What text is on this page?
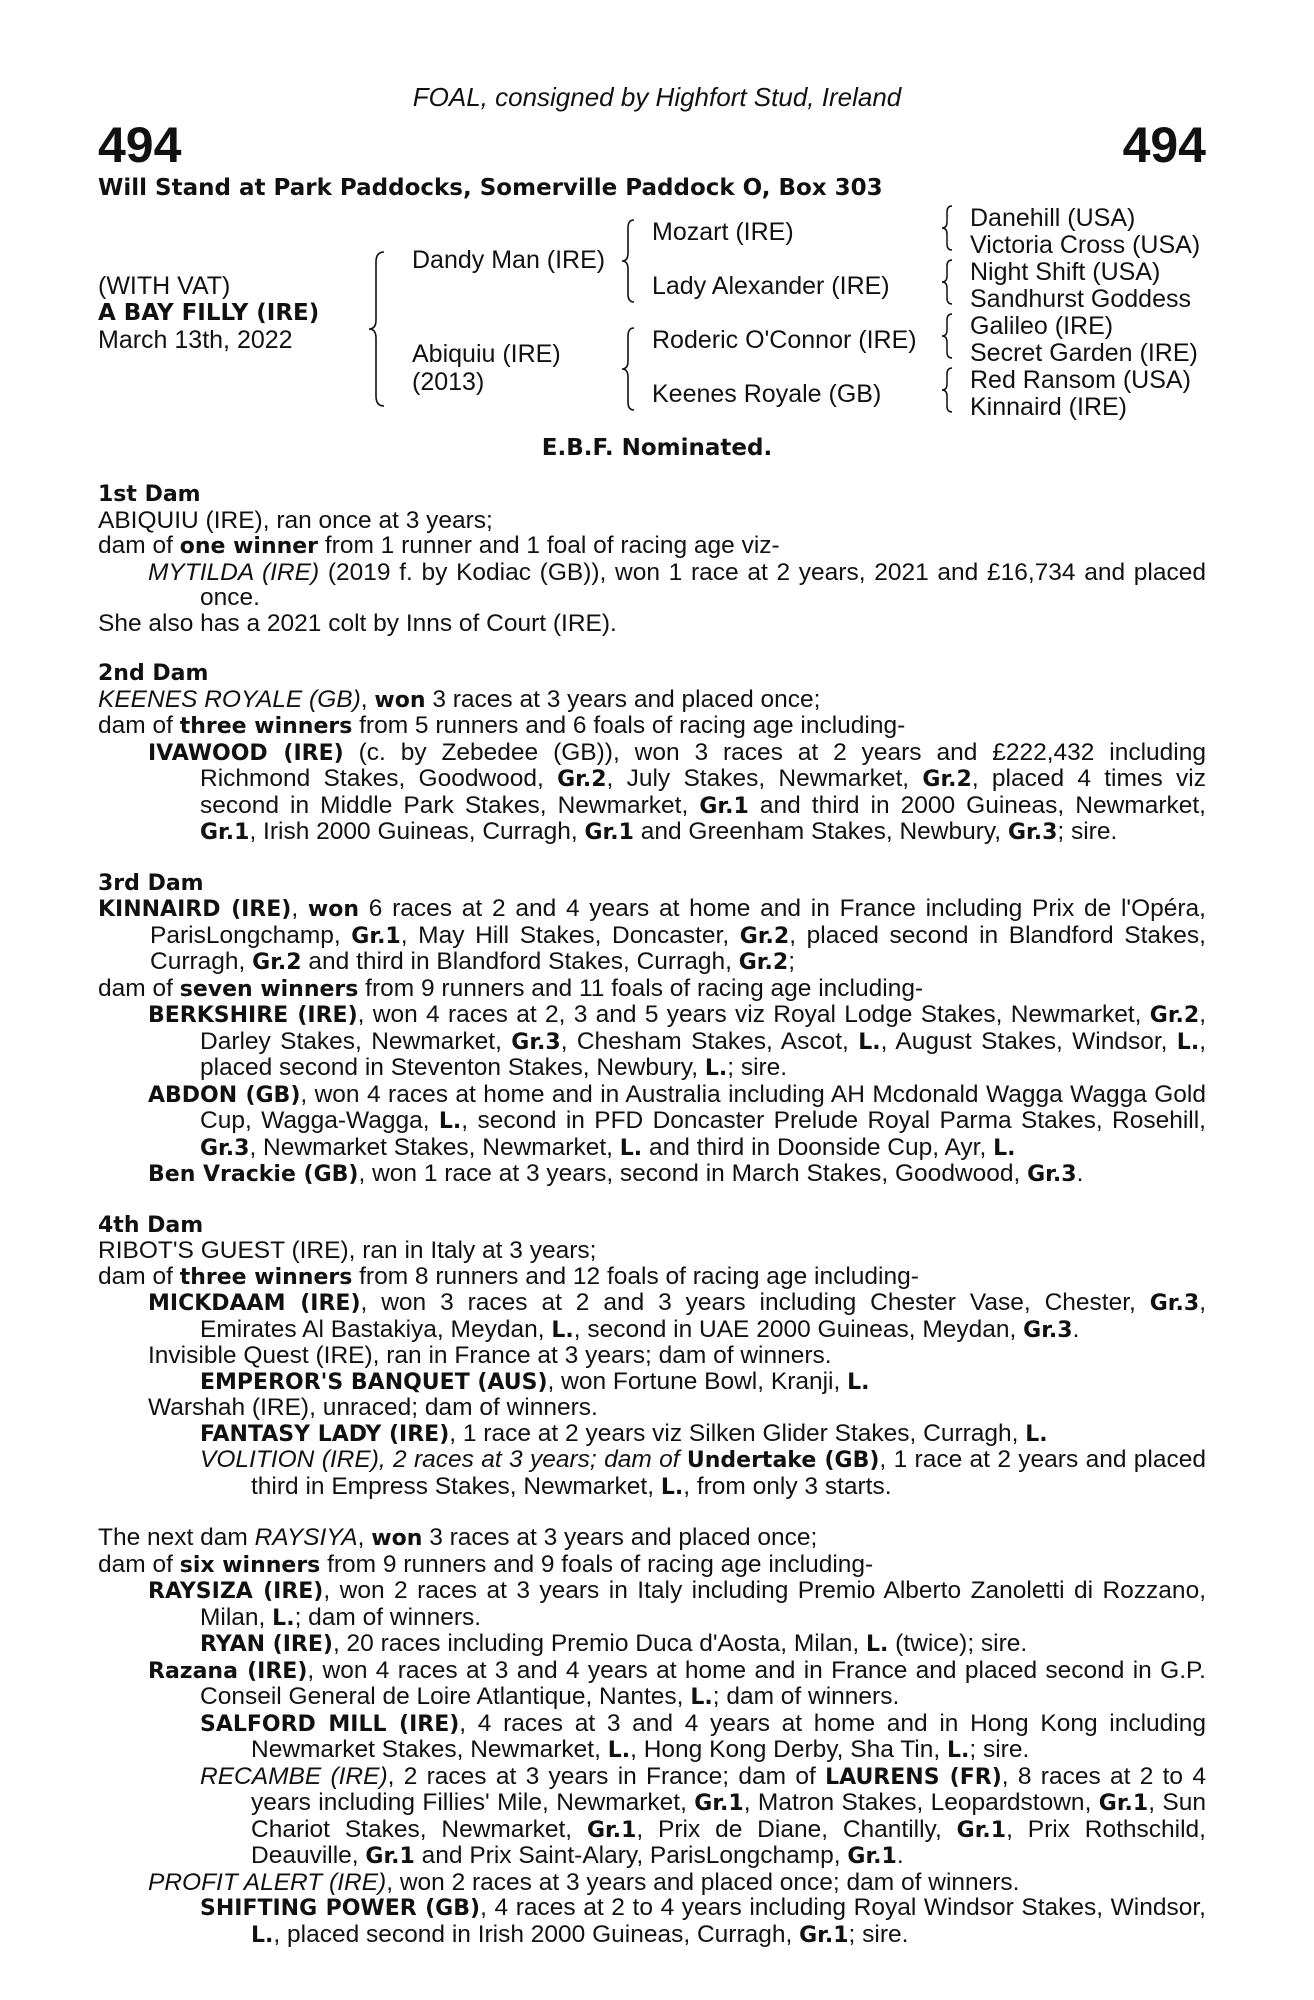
FOAL, consigned by Highfort Stud, Ireland
494	494
Will Stand at Park Paddocks, Somerville Paddock O, Box 303
(WITH VAT)
A BAY FILLY (IRE)
March 13th, 2022
Dandy Man (IRE)
Abiquiu (IRE)
(2013)
Mozart (IRE)
Lady Alexander (IRE)
Roderic O'Connor (IRE)
Keenes Royale (GB)
Danehill (USA)
Victoria Cross (USA)
Night Shift (USA)
Sandhurst Goddess
Galileo (IRE)
Secret Garden (IRE)
Red Ransom (USA)
Kinnaird (IRE)
E.B.F. Nominated.
1st Dam
ABIQUIU (IRE), ran once at 3 years;
dam of one winner from 1 runner and 1 foal of racing age viz-
MYTILDA (IRE) (2019 f. by Kodiac (GB)), won 1 race at 2 years, 2021 and £16,734 and placed once.
She also has a 2021 colt by Inns of Court (IRE).
2nd Dam
KEENES ROYALE (GB), won 3 races at 3 years and placed once;
dam of three winners from 5 runners and 6 foals of racing age including-
IVAWOOD (IRE) (c. by Zebedee (GB)), won 3 races at 2 years and £222,432 including Richmond Stakes, Goodwood, Gr.2, July Stakes, Newmarket, Gr.2, placed 4 times viz second in Middle Park Stakes, Newmarket, Gr.1 and third in 2000 Guineas, Newmarket, Gr.1, Irish 2000 Guineas, Curragh, Gr.1 and Greenham Stakes, Newbury, Gr.3; sire.
3rd Dam
KINNAIRD (IRE), won 6 races at 2 and 4 years at home and in France including Prix de l'Opéra, ParisLongchamp, Gr.1, May Hill Stakes, Doncaster, Gr.2, placed second in Blandford Stakes, Curragh, Gr.2 and third in Blandford Stakes, Curragh, Gr.2;
dam of seven winners from 9 runners and 11 foals of racing age including-
BERKSHIRE (IRE), won 4 races at 2, 3 and 5 years viz Royal Lodge Stakes, Newmarket, Gr.2, Darley Stakes, Newmarket, Gr.3, Chesham Stakes, Ascot, L., August Stakes, Windsor, L., placed second in Steventon Stakes, Newbury, L.; sire.
ABDON (GB), won 4 races at home and in Australia including AH Mcdonald Wagga Wagga Gold Cup, Wagga-Wagga, L., second in PFD Doncaster Prelude Royal Parma Stakes, Rosehill, Gr.3, Newmarket Stakes, Newmarket, L. and third in Doonside Cup, Ayr, L.
Ben Vrackie (GB), won 1 race at 3 years, second in March Stakes, Goodwood, Gr.3.
4th Dam
RIBOT'S GUEST (IRE), ran in Italy at 3 years;
dam of three winners from 8 runners and 12 foals of racing age including-
MICKDAAM (IRE), won 3 races at 2 and 3 years including Chester Vase, Chester, Gr.3, Emirates Al Bastakiya, Meydan, L., second in UAE 2000 Guineas, Meydan, Gr.3.
Invisible Quest (IRE), ran in France at 3 years; dam of winners.
EMPEROR'S BANQUET (AUS), won Fortune Bowl, Kranji, L.
Warshah (IRE), unraced; dam of winners.
FANTASY LADY (IRE), 1 race at 2 years viz Silken Glider Stakes, Curragh, L.
VOLITION (IRE), 2 races at 3 years; dam of Undertake (GB), 1 race at 2 years and placed third in Empress Stakes, Newmarket, L., from only 3 starts.
The next dam RAYSIYA, won 3 races at 3 years and placed once;
dam of six winners from 9 runners and 9 foals of racing age including-
RAYSIZA (IRE), won 2 races at 3 years in Italy including Premio Alberto Zanoletti di Rozzano, Milan, L.; dam of winners.
RYAN (IRE), 20 races including Premio Duca d'Aosta, Milan, L. (twice); sire.
Razana (IRE), won 4 races at 3 and 4 years at home and in France and placed second in G.P. Conseil General de Loire Atlantique, Nantes, L.; dam of winners.
SALFORD MILL (IRE), 4 races at 3 and 4 years at home and in Hong Kong including Newmarket Stakes, Newmarket, L., Hong Kong Derby, Sha Tin, L.; sire.
RECAMBE (IRE), 2 races at 3 years in France; dam of LAURENS (FR), 8 races at 2 to 4 years including Fillies' Mile, Newmarket, Gr.1, Matron Stakes, Leopardstown, Gr.1, Sun Chariot Stakes, Newmarket, Gr.1, Prix de Diane, Chantilly, Gr.1, Prix Rothschild, Deauville, Gr.1 and Prix Saint-Alary, ParisLongchamp, Gr.1.
PROFIT ALERT (IRE), won 2 races at 3 years and placed once; dam of winners.
SHIFTING POWER (GB), 4 races at 2 to 4 years including Royal Windsor Stakes, Windsor, L., placed second in Irish 2000 Guineas, Curragh, Gr.1; sire.
